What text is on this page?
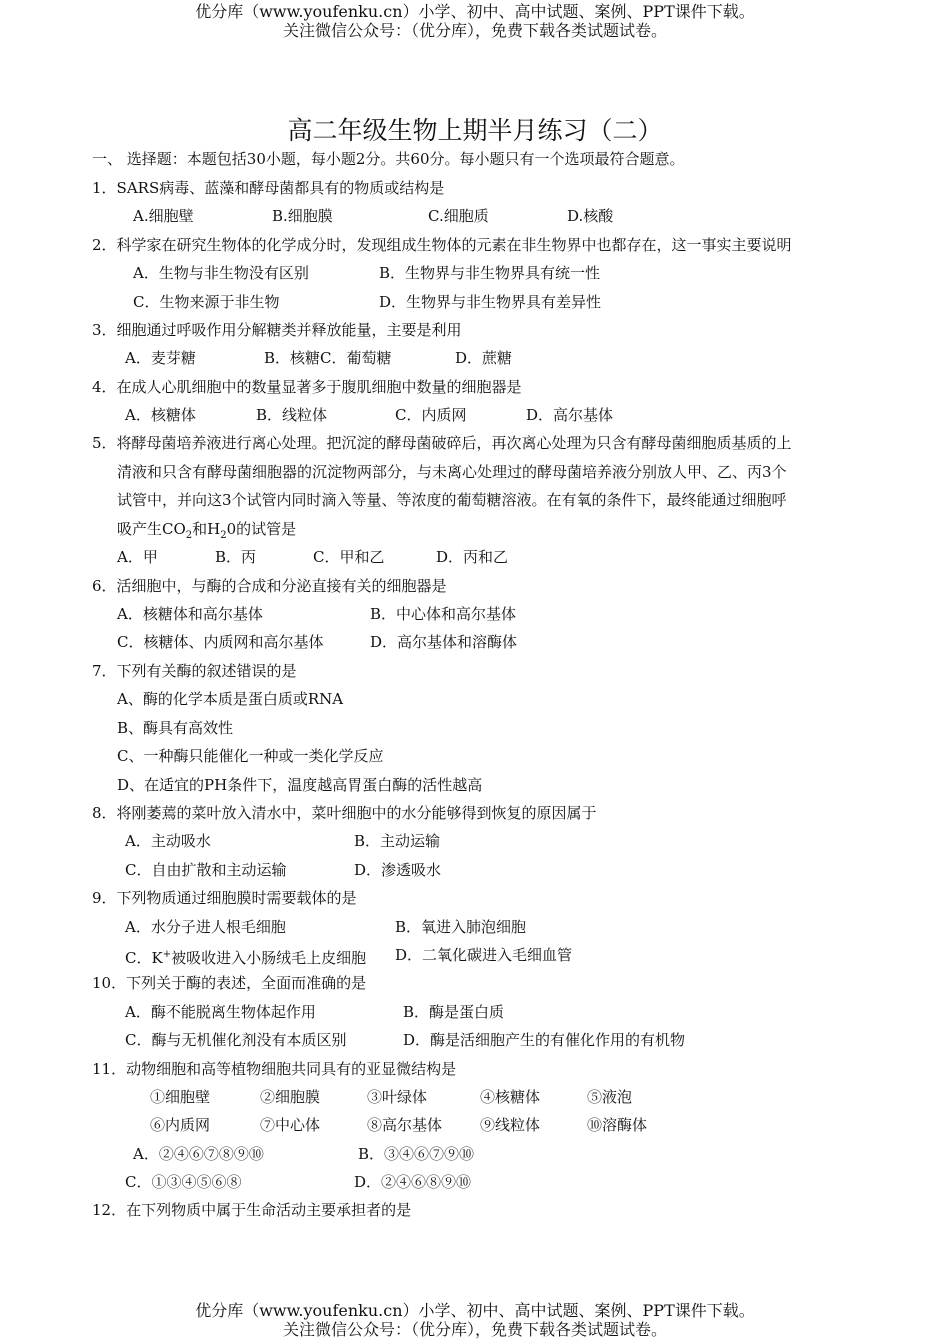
优分库（www.youfenku.cn）小学、初中、高中试题、案例、PPT课件下载。
关注微信公众号：（优分库），免费下载各类试题试卷。
高二年级生物上期半月练习（二）
一、 选择题：本题包括30小题，每小题2分。共60分。每小题只有一个选项最符合题意。
1．SARS病毒、蓝藻和酵母菌都具有的物质或结构是
A.细胞壁	B.细胞膜	C.细胞质	D.核酸
2．科学家在研究生物体的化学成分时，发现组成生物体的元素在非生物界中也都存在，这一事实主要说明
A．生物与非生物没有区别	B．生物界与非生物界具有统一性
C．生物来源于非生物	D．生物界与非生物界具有差异性
3．细胞通过呼吸作用分解糖类并释放能量，主要是利用
A．麦芽糖	B．核糖C．葡萄糖	D．蔗糖
4．在成人心肌细胞中的数量显著多于腹肌细胞中数量的细胞器是
A．核糖体	B．线粒体	C．内质网	D．高尔基体
5．将酵母菌培养液进行离心处理。把沉淀的酵母菌破碎后，再次离心处理为只含有酵母菌细胞质基质的上
清液和只含有酵母菌细胞器的沉淀物两部分，与未离心处理过的酵母菌培养液分别放人甲、乙、丙3个
试管中，并向这3个试管内同时滴入等量、等浓度的葡萄糖溶液。在有氧的条件下，最终能通过细胞呼
吸产生$CO_2$和$H_20$的试管是
A．甲	B．丙	C．甲和乙	D．丙和乙
6．活细胞中，与酶的合成和分泌直接有关的细胞器是
A．核糖体和高尔基体	B．中心体和高尔基体
C．核糖体、内质网和高尔基体	D．高尔基体和溶酶体
7．下列有关酶的叙述错误的是
A、酶的化学本质是蛋白质或RNA
B、酶具有高效性
C、一种酶只能催化一种或一类化学反应
D、在适宜的PH条件下，温度越高胃蛋白酶的活性越高
8．将刚萎蔫的菜叶放入清水中，菜叶细胞中的水分能够得到恢复的原因属于
A．主动吸水	B．主动运输
C．自由扩散和主动运输	D．渗透吸水
9．下列物质通过细胞膜时需要载体的是
A．水分子进人根毛细胞	B．氧进入肺泡细胞
C．K+被吸收进入小肠绒毛上皮细胞 D．二氧化碳进入毛细血管
10．下列关于酶的表述，全面而准确的是
A．酶不能脱离生物体起作用	B．酶是蛋白质
C．酶与无机催化剂没有本质区别	D．酶是活细胞产生的有催化作用的有机物
11．动物细胞和高等植物细胞共同具有的亚显微结构是
①细胞壁	②细胞膜	③叶绿体	④核糖体	⑤液泡
⑥内质网	⑦中心体	⑧高尔基体	⑨线粒体	⑩溶酶体
A．②④⑥⑦⑧⑨⑩	B．③④⑥⑦⑨⑩
C．①③④⑤⑥⑧	D．②④⑥⑧⑨⑩
12．在下列物质中属于生命活动主要承担者的是
优分库（www.youfenku.cn）小学、初中、高中试题、案例、PPT课件下载。
关注微信公众号：（优分库），免费下载各类试题试卷。
